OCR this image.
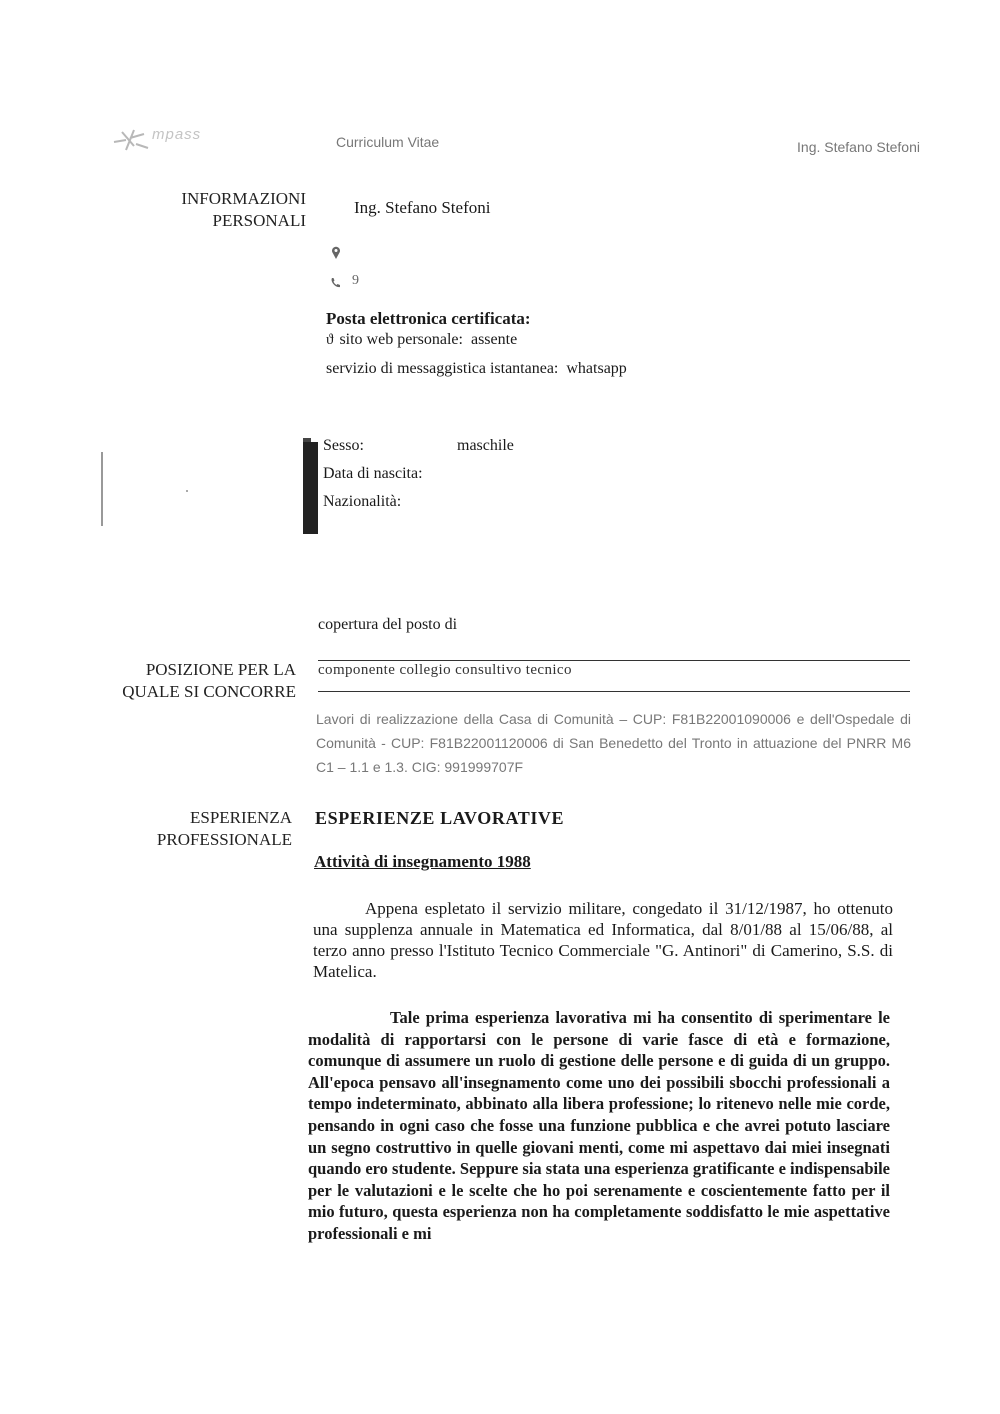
mpass	Curriculum Vitae	Ing. Stefano Stefoni
INFORMAZIONI PERSONALI
Ing. Stefano Stefoni
9
Posta elettronica certificata:
ϑ sito web personale: assente
servizio di messaggistica istantanea: whatsapp
Sesso:	maschile
Data di nascita:
Nazionalità:
copertura del posto di
POSIZIONE PER LA QUALE SI CONCORRE
componente collegio consultivo tecnico
Lavori di realizzazione della Casa di Comunità – CUP: F81B22001090006 e dell'Ospedale di Comunità - CUP: F81B22001120006 di San Benedetto del Tronto in attuazione del PNRR M6 C1 – 1.1 e 1.3. CIG: 991999707F
ESPERIENZA PROFESSIONALE
ESPERIENZE LAVORATIVE
Attività di insegnamento 1988
Appena espletato il servizio militare, congedato il 31/12/1987, ho ottenuto una supplenza annuale in Matematica ed Informatica, dal 8/01/88 al 15/06/88, al terzo anno presso l'Istituto Tecnico Commerciale "G. Antinori" di Camerino, S.S. di Matelica.
Tale prima esperienza lavorativa mi ha consentito di sperimentare le modalità di rapportarsi con le persone di varie fasce di età e formazione, comunque di assumere un ruolo di gestione delle persone e di guida di un gruppo. All'epoca pensavo all'insegnamento come uno dei possibili sbocchi professionali a tempo indeterminato, abbinato alla libera professione; lo ritenevo nelle mie corde, pensando in ogni caso che fosse una funzione pubblica e che avrei potuto lasciare un segno costruttivo in quelle giovani menti, come mi aspettavo dai miei insegnati quando ero studente. Seppure sia stata una esperienza gratificante e indispensabile per le valutazioni e le scelte che ho poi serenamente e coscientemente fatto per il mio futuro, questa esperienza non ha completamente soddisfatto le mie aspettative professionali e mi
